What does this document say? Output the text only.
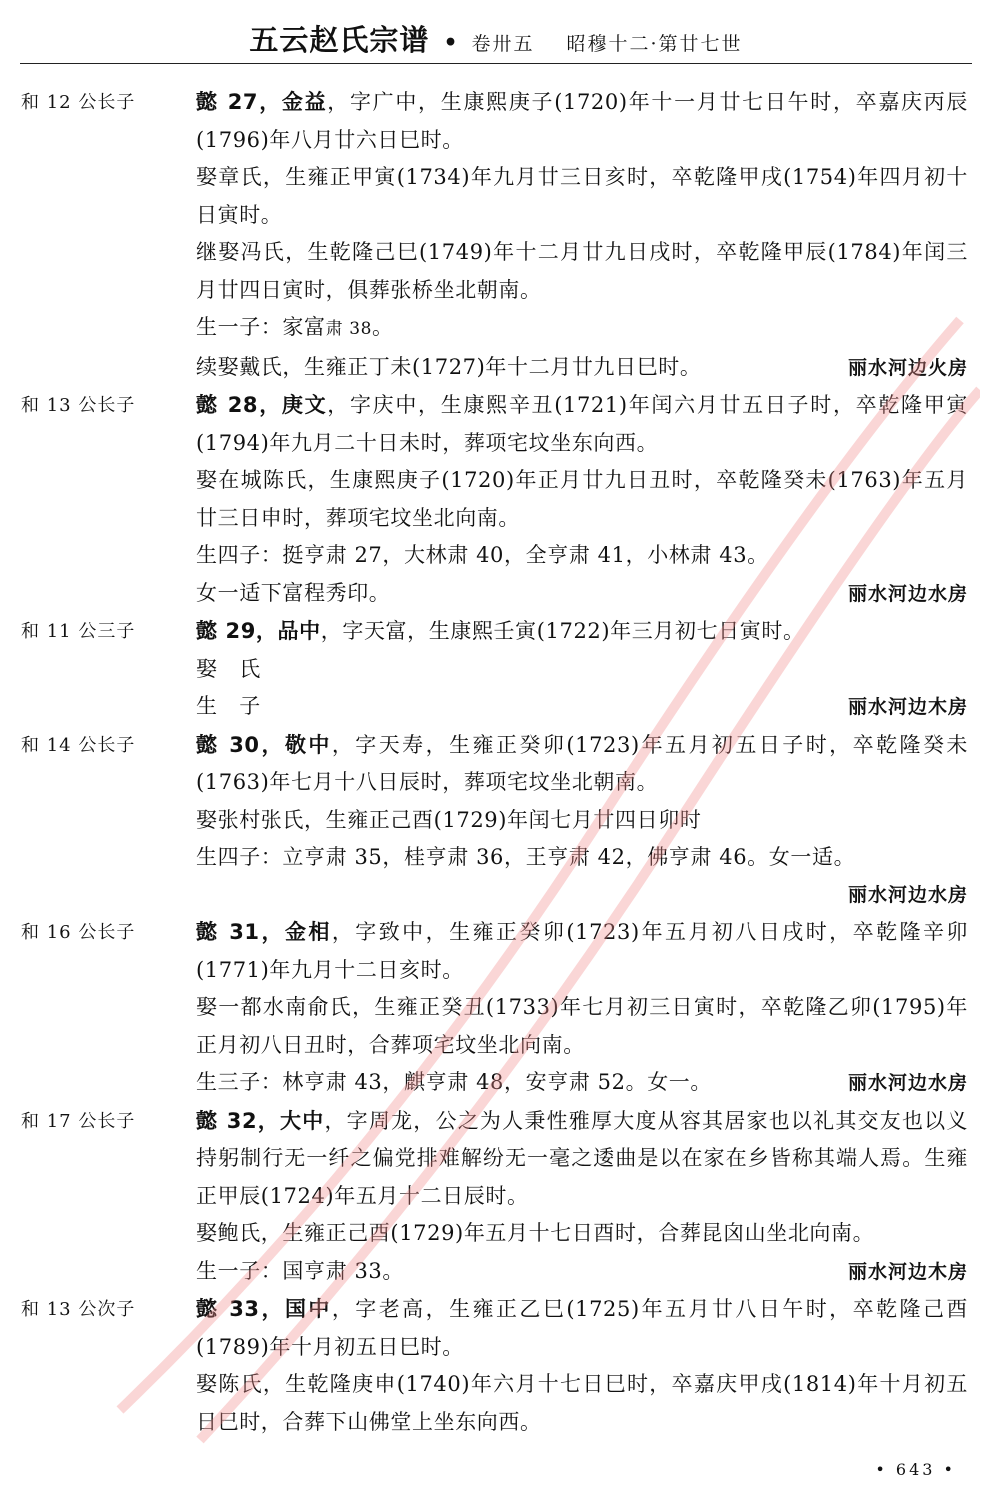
五云赵氏宗谱 • 卷卅五 昭穆十二·第廿七世
和 12 公长子	懿 27，金益，字广中，生康熙庚子(1720)年十一月廿七日午时，卒嘉庆丙辰(1796)年八月廿六日巳时。
娶章氏，生雍正甲寅(1734)年九月廿三日亥时，卒乾隆甲戌(1754)年四月初十日寅时。
继娶冯氏，生乾隆己巳(1749)年十二月廿九日戌时，卒乾隆甲辰(1784)年闰三月廿四日寅时，俱葬张桥坐北朝南。
生一子：家富肃 38。
续娶戴氏，生雍正丁未(1727)年十二月廿九日巳时。	丽水河边火房
和 13 公长子	懿 28，庚文，字庆中，生康熙辛丑(1721)年闰六月廿五日子时，卒乾隆甲寅(1794)年九月二十日未时，葬项宅坟坐东向西。
娶在城陈氏，生康熙庚子(1720)年正月廿九日丑时，卒乾隆癸未(1763)年五月廿三日申时，葬项宅坟坐北向南。
生四子：挺亨肃 27，大林肃 40，全亨肃 41，小林肃 43。
女一适下富程秀印。	丽水河边水房
和 11 公三子	懿 29，品中，字天富，生康熙壬寅(1722)年三月初七日寅时。
娶　氏
生　子	丽水河边木房
和 14 公长子	懿 30，敬中，字天寿，生雍正癸卯(1723)年五月初五日子时，卒乾隆癸未(1763)年七月十八日辰时，葬项宅坟坐北朝南。
娶张村张氏，生雍正己酉(1729)年闰七月廿四日卯时
生四子：立亨肃 35，桂亨肃 36，王亨肃 42，佛亨肃 46。女一适。
丽水河边水房
和 16 公长子	懿 31，金相，字致中，生雍正癸卯(1723)年五月初八日戌时，卒乾隆辛卯(1771)年九月十二日亥时。
娶一都水南俞氏，生雍正癸丑(1733)年七月初三日寅时，卒乾隆乙卯(1795)年正月初八日丑时，合葬项宅坟坐北向南。
生三子：林亨肃 43，麒亨肃 48，安亨肃 52。女一。	丽水河边水房
和 17 公长子	懿 32，大中，字周龙，公之为人秉性雅厚大度从容其居家也以礼其交友也以义持躬制行无一纤之偏党排难解纷无一毫之逶曲是以在家在乡皆称其端人焉。生雍正甲辰(1724)年五月十二日辰时。
娶鲍氏，生雍正己酉(1729)年五月十七日酉时，合葬昆囟山坐北向南。
生一子：国亨肃 33。	丽水河边木房
和 13 公次子	懿 33，国中，字老高，生雍正乙巳(1725)年五月廿八日午时，卒乾隆己酉(1789)年十月初五日巳时。
娶陈氏，生乾隆庚申(1740)年六月十七日巳时，卒嘉庆甲戌(1814)年十月初五日巳时，合葬下山佛堂上坐东向西。
• 643 •
